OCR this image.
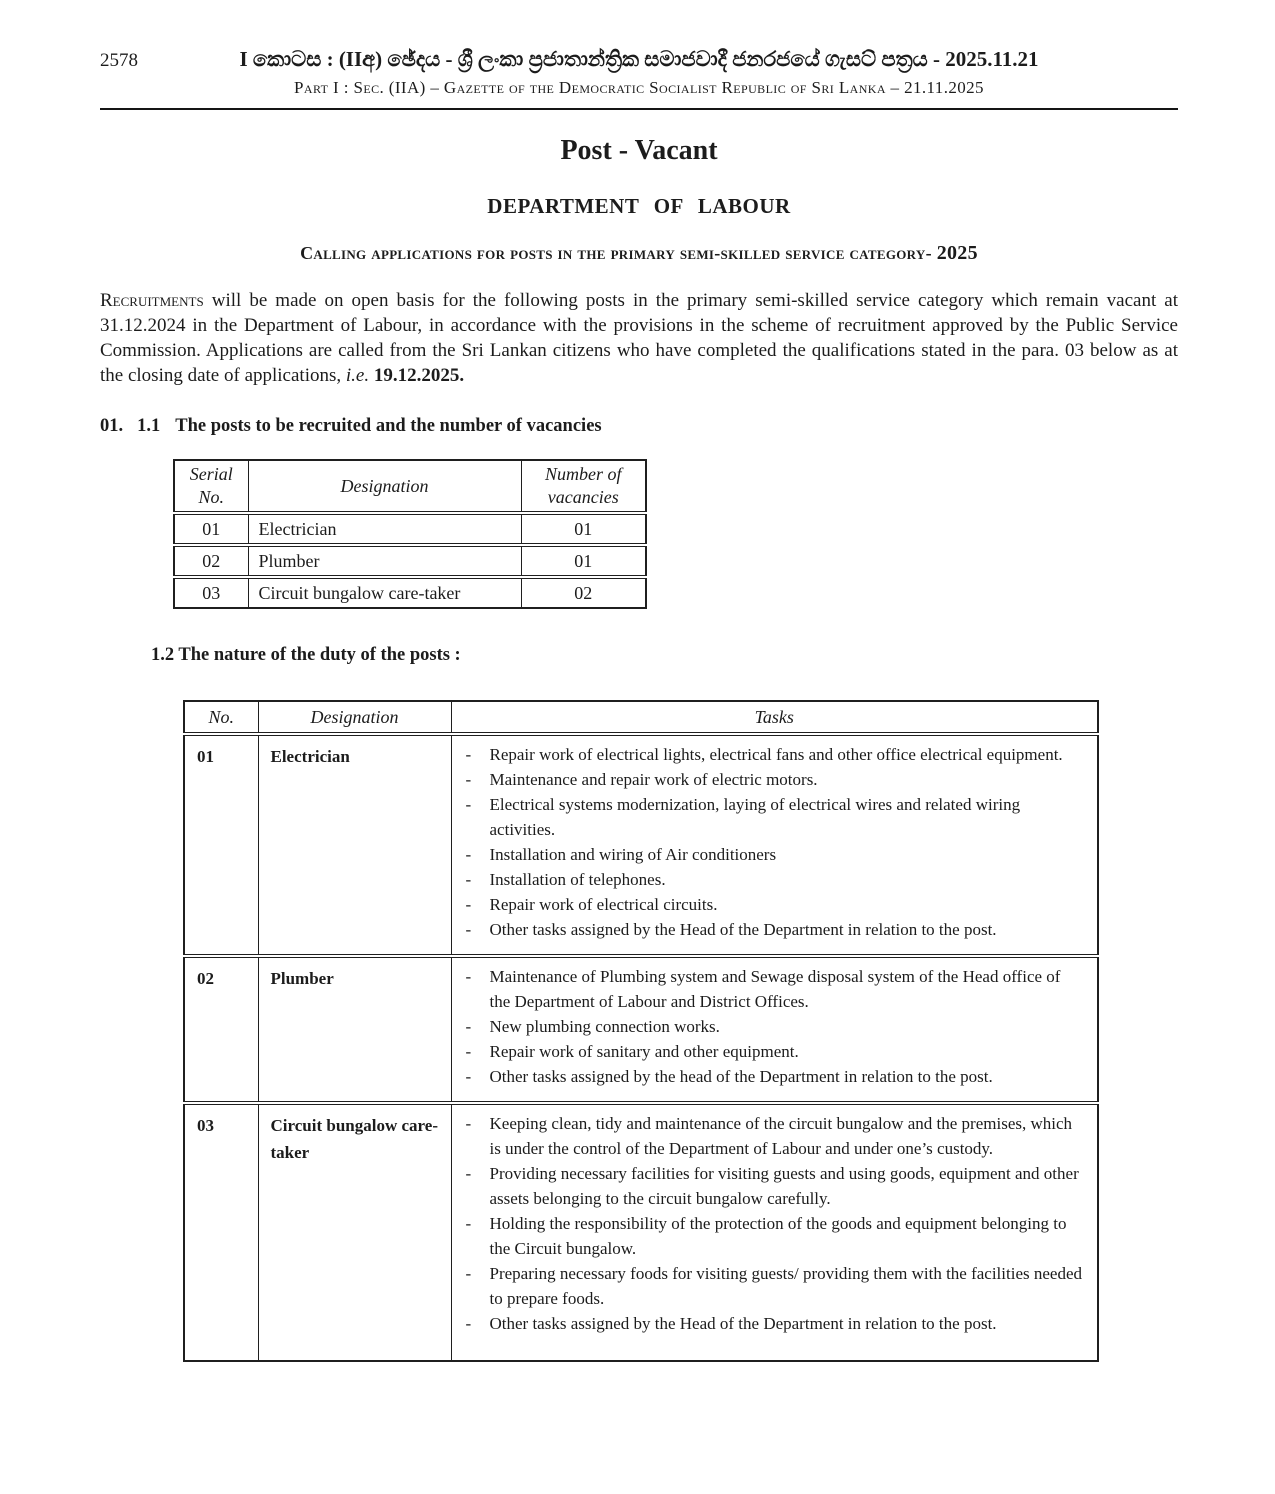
2578	I කොටස : (IIඅ) ඡේදය - ශ්‍රී ලංකා ප්‍රජාතාන්ත්‍රික සමාජවාදී ජනරජයේ ගැසට් පත්‍රය - 2025.11.21
Part I : Sec. (IIA) – Gazette of the Democratic Socialist Republic of Sri Lanka – 21.11.2025
Post - Vacant
DEPARTMENT OF LABOUR
Calling applications for posts in the primary semi-skilled service category- 2025

Recruitments will be made on open basis for the following posts in the primary semi-skilled service category which remain vacant at 31.12.2024 in the Department of Labour, in accordance with the provisions in the scheme of recruitment approved by the Public Service Commission. Applications are called from the Sri Lankan citizens who have completed the qualifications stated in the para. 03 below as at the closing date of applications, i.e. 19.12.2025.

01. 1.1 The posts to be recruited and the number of vacancies
Serial No.	Designation	Number of vacancies
01	Electrician	01
02	Plumber	01
03	Circuit bungalow care-taker	02
1.2 The nature of the duty of the posts :
No.	Designation	Tasks
01	Electrician	
-Repair work of electrical lights, electrical fans and other office electrical equipment.
- Maintenance and repair work of electric motors.
- Electrical systems modernization, laying of electrical wires and related wiring activities.
- Installation and wiring of Air conditioners
- Installation of telephones.
- Repair work of electrical circuits.
- Other tasks assigned by the Head of the Department in relation to the post.

02	Plumber	
-Maintenance of Plumbing system and Sewage disposal system of the Head office of the Department of Labour and District Offices.
- New plumbing connection works.
- Repair work of sanitary and other equipment.
- Other tasks assigned by the head of the Department in relation to the post.

03	Circuit bungalow care-taker	
- Keeping clean, tidy and maintenance of the circuit bungalow and the premises, which is under the control of the Department of Labour and under one’s custody.
- Providing necessary facilities for visiting guests and using goods, equipment and other assets belonging to the circuit bungalow carefully.
- Holding the responsibility of the protection of the goods and equipment belonging to the Circuit bungalow.
- Preparing necessary foods for visiting guests/ providing them with the facilities needed to prepare foods.
- Other tasks assigned by the Head of the Department in relation to the post.
